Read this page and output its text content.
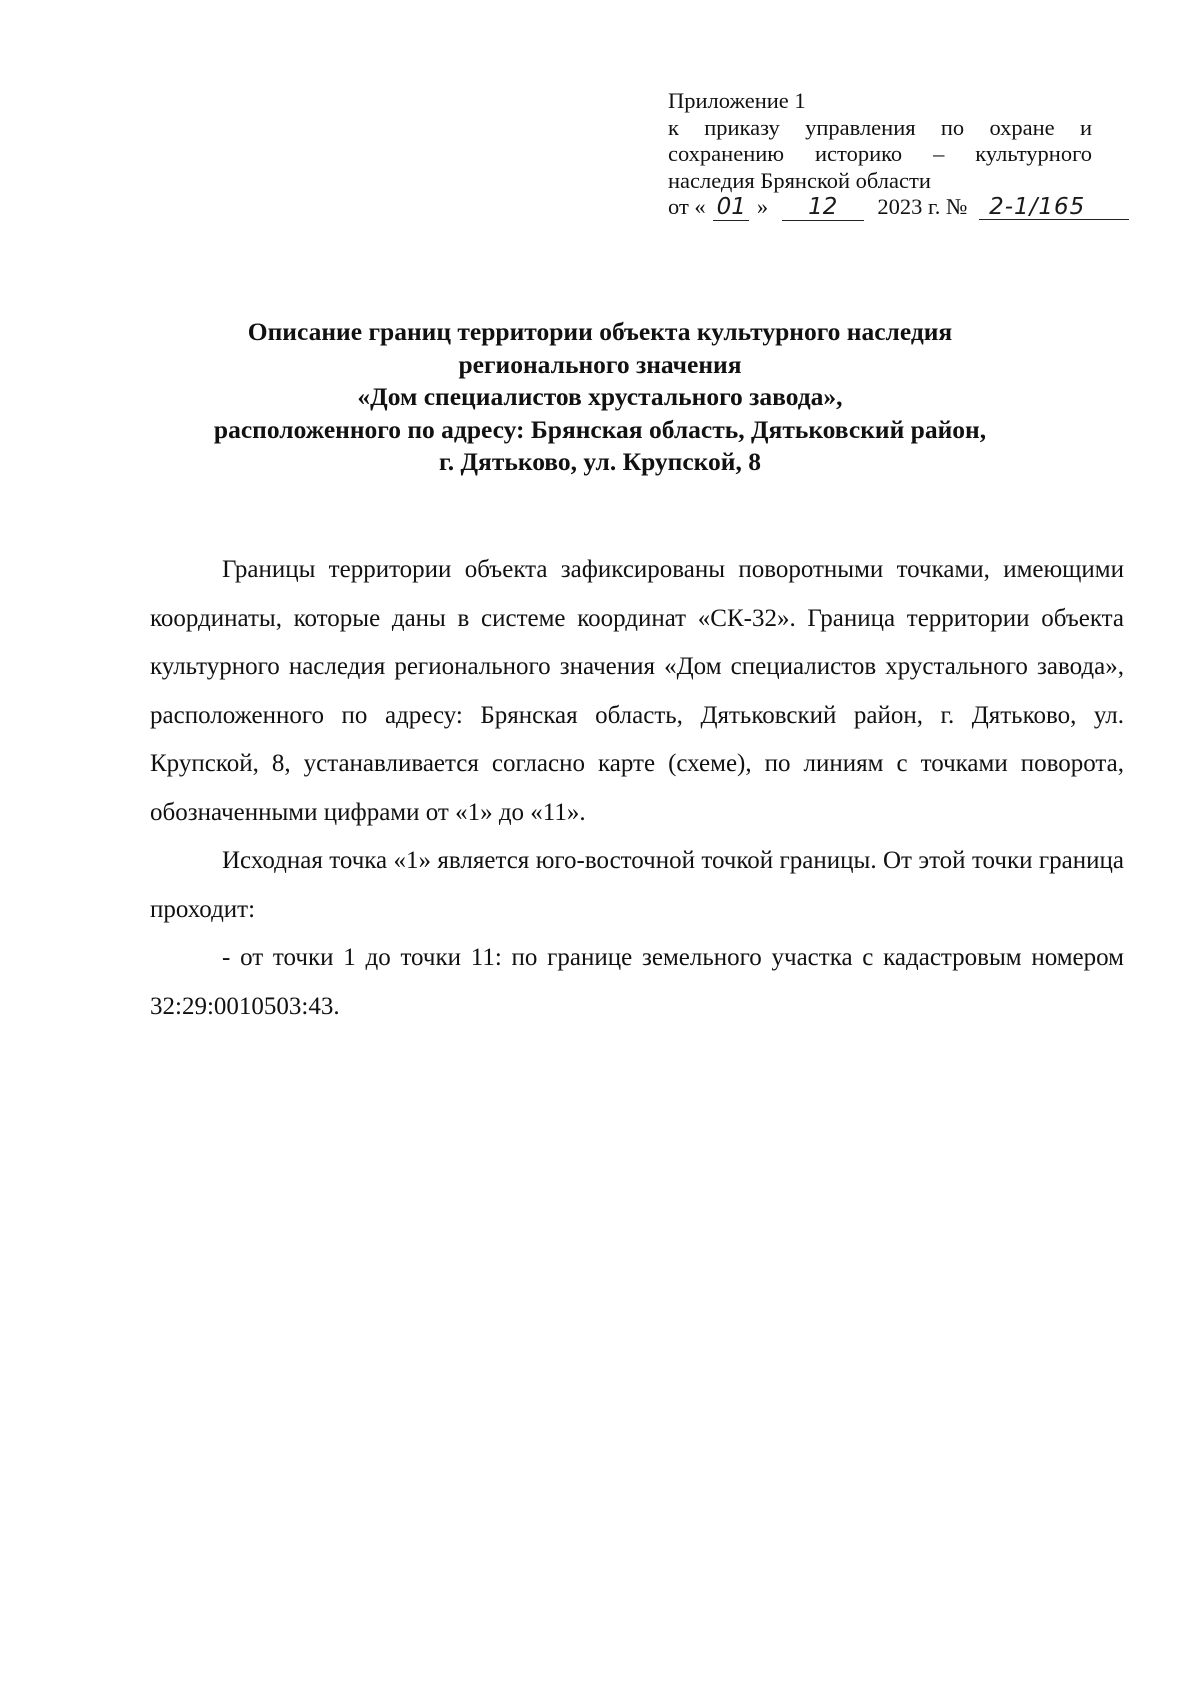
Приложение 1
к приказу управления по охране и
сохранению историко – культурного
наследия Брянской области
от « 01 » 12 2023 г. № 2-1/165
Описание границ территории объекта культурного наследия
регионального значения
«Дом специалистов хрустального завода»,
расположенного по адресу: Брянская область, Дятьковский район,
г. Дятьково, ул. Крупской, 8

Границы территории объекта зафиксированы поворотными точками, имеющими координаты, которые даны в системе координат «СК-32». Граница территории объекта культурного наследия регионального значения «Дом специалистов хрустального завода», расположенного по адресу: Брянская область, Дятьковский район, г. Дятьково, ул. Крупской, 8, устанавливается согласно карте (схеме), по линиям с точками поворота, обозначенными цифрами от «1» до «11».

Исходная точка «1» является юго-восточной точкой границы. От этой точки граница проходит:

- от точки 1 до точки 11: по границе земельного участка с кадастровым номером 32:29:0010503:43.
